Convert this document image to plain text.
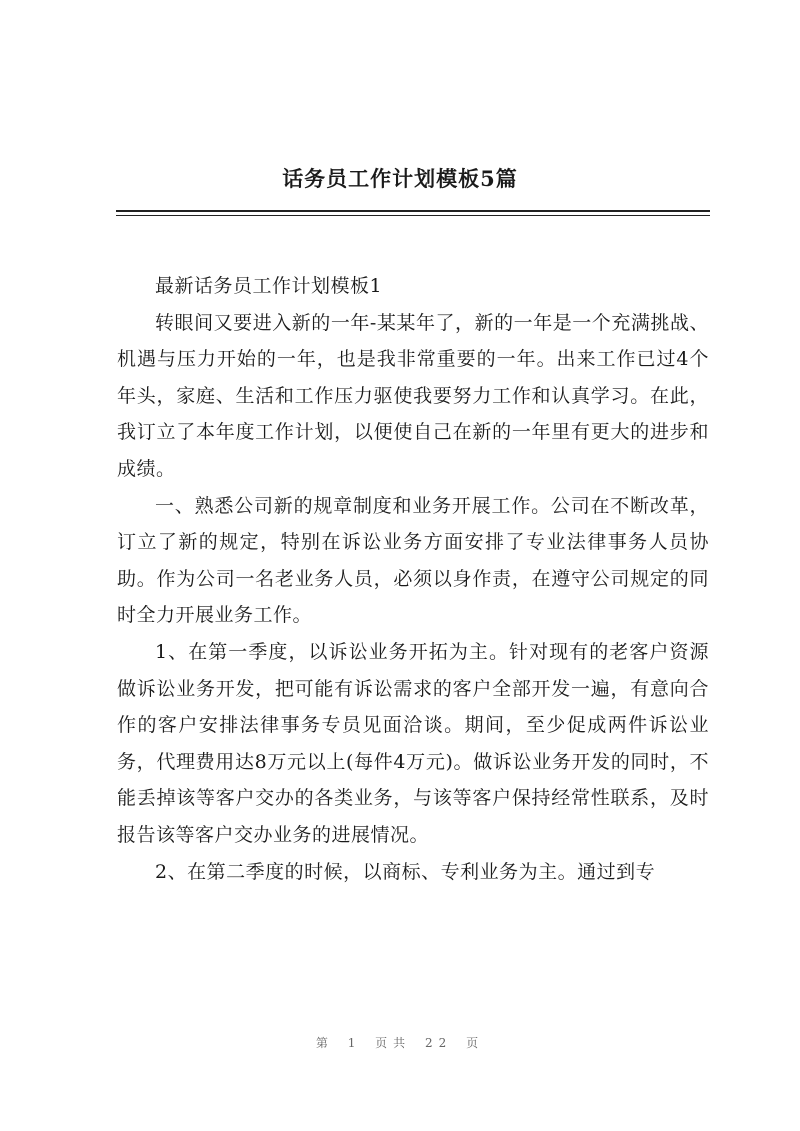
话务员工作计划模板5篇

最新话务员工作计划模板1

转眼间又要进入新的一年-某某年了，新的一年是一个充满挑战、机遇与压力开始的一年，也是我非常重要的一年。出来工作已过4个年头，家庭、生活和工作压力驱使我要努力工作和认真学习。在此，我订立了本年度工作计划，以便使自己在新的一年里有更大的进步和成绩。

一、熟悉公司新的规章制度和业务开展工作。公司在不断改革，订立了新的规定，特别在诉讼业务方面安排了专业法律事务人员协助。作为公司一名老业务人员，必须以身作责，在遵守公司规定的同时全力开展业务工作。

1、在第一季度，以诉讼业务开拓为主。针对现有的老客户资源做诉讼业务开发，把可能有诉讼需求的客户全部开发一遍，有意向合作的客户安排法律事务专员见面洽谈。期间，至少促成两件诉讼业务，代理费用达8万元以上(每件4万元)。做诉讼业务开发的同时，不能丢掉该等客户交办的各类业务，与该等客户保持经常性联系，及时报告该等客户交办业务的进展情况。

2、在第二季度的时候，以商标、专利业务为主。通过到专

第 1 页共 22 页
